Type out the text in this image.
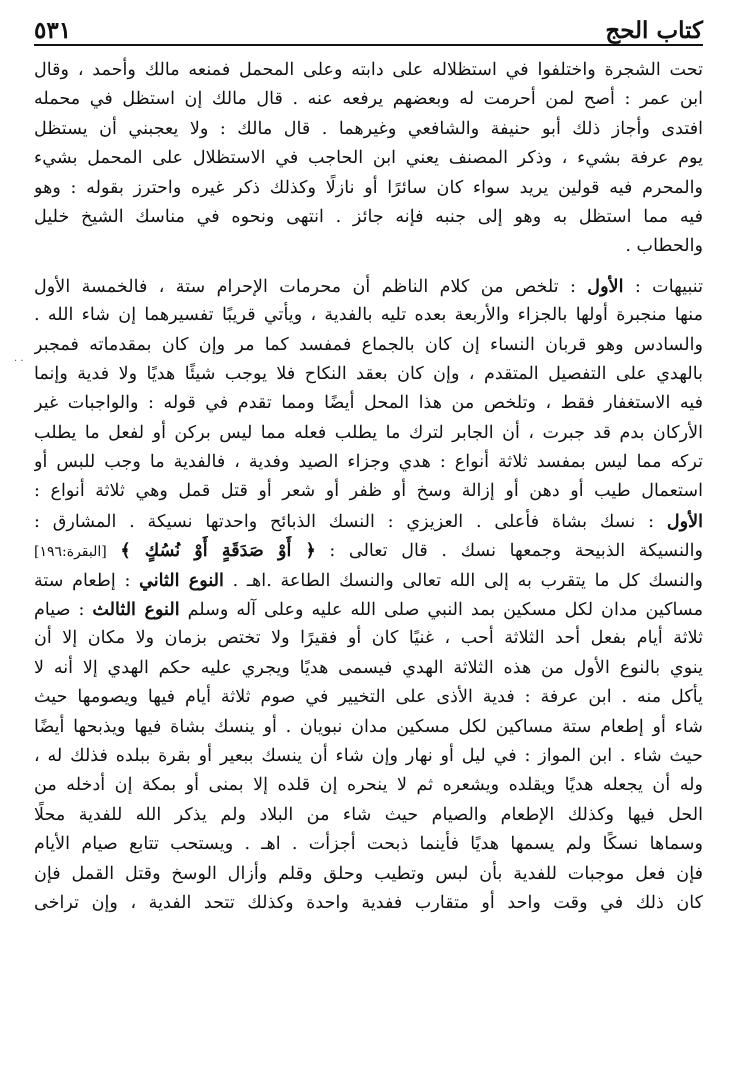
كتاب الحج
٥٣١
· ·
تحت الشجرة واختلفوا في استظلاله على دابته وعلى المحمل فمنعه مالك وأحمد ، وقال
ابن عمر : أصح لمن أحرمت له وبعضهم يرفعه عنه . قال مالك إن استظل في محمله
افتدى وأجاز ذلك أبو حنيفة والشافعي وغيرهما . قال مالك : ولا يعجبني أن يستظل
يوم عرفة بشيء ، وذكر المصنف يعني ابن الحاجب في الاستظلال على المحمل بشيء
والمحرم فيه قولين يريد سواء كان سائرًا أو نازلًا وكذلك ذكر غيره واحترز بقوله : وهو
فيه مما استظل به وهو إلى جنبه فإنه جائز . انتهى ونحوه في مناسك الشيخ خليل
والحطاب .
تنبيهات : الأول : تلخص من كلام الناظم أن محرمات الإحرام ستة ، فالخمسة الأول
منها منجبرة أولها بالجزاء والأربعة بعده تليه بالفدية ، ويأتي قريبًا تفسيرهما إن شاء الله .
والسادس وهو قربان النساء إن كان بالجماع فمفسد كما مر وإن كان بمقدماته فمجبر
بالهدي على التفصيل المتقدم ، وإن كان بعقد النكاح فلا يوجب شيئًا هديًا ولا فدية وإنما
فيه الاستغفار فقط ، وتلخص من هذا المحل أيضًا ومما تقدم في قوله : والواجبات غير
الأركان بدم قد جبرت ، أن الجابر لترك ما يطلب فعله مما ليس بركن أو لفعل ما يطلب
تركه مما ليس بمفسد ثلاثة أنواع : هدي وجزاء الصيد وفدية ، فالفدية ما وجب للبس أو
استعمال طيب أو دهن أو إزالة وسخ أو ظفر أو شعر أو قتل قمل وهي ثلاثة أنواع :
الأول : نسك بشاة فأعلى . العزيزي : النسك الذبائح واحدتها نسيكة . المشارق :
والنسيكة الذبيحة وجمعها نسك . قال تعالى : ﴿ أَوْ صَدَقَةٍ أَوْ نُسُكٍ ﴾ [البقرة:١٩٦]
والنسك كل ما يتقرب به إلى الله تعالى والنسك الطاعة .اهـ . النوع الثاني : إطعام ستة
مساكين مدان لكل مسكين بمد النبي صلى الله عليه وعلى آله وسلم النوع الثالث : صيام
ثلاثة أيام بفعل أحد الثلاثة أحب ، غنيًا كان أو فقيرًا ولا تختص بزمان ولا مكان إلا أن
ينوي بالنوع الأول من هذه الثلاثة الهدي فيسمى هديًا ويجري عليه حكم الهدي إلا أنه لا
يأكل منه . ابن عرفة : فدية الأذى على التخيير في صوم ثلاثة أيام فيها ويصومها حيث
شاء أو إطعام ستة مساكين لكل مسكين مدان نبويان . أو ينسك بشاة فيها ويذبحها أيضًا
حيث شاء . ابن المواز : في ليل أو نهار وإن شاء أن ينسك ببعير أو بقرة ببلده فذلك له ،
وله أن يجعله هديًا ويقلده ويشعره ثم لا ينحره إن قلده إلا بمنى أو بمكة إن أدخله من
الحل فيها وكذلك الإطعام والصيام حيث شاء من البلاد ولم يذكر الله للفدية محلًا
وسماها نسكًا ولم يسمها هديًا فأينما ذبحت أجزأت . اهـ . ويستحب تتابع صيام الأيام
فإن فعل موجبات للفدية بأن لبس وتطيب وحلق وقلم وأزال الوسخ وقتل القمل فإن
كان ذلك في وقت واحد أو متقارب ففدية واحدة وكذلك تتحد الفدية ، وإن تراخى
